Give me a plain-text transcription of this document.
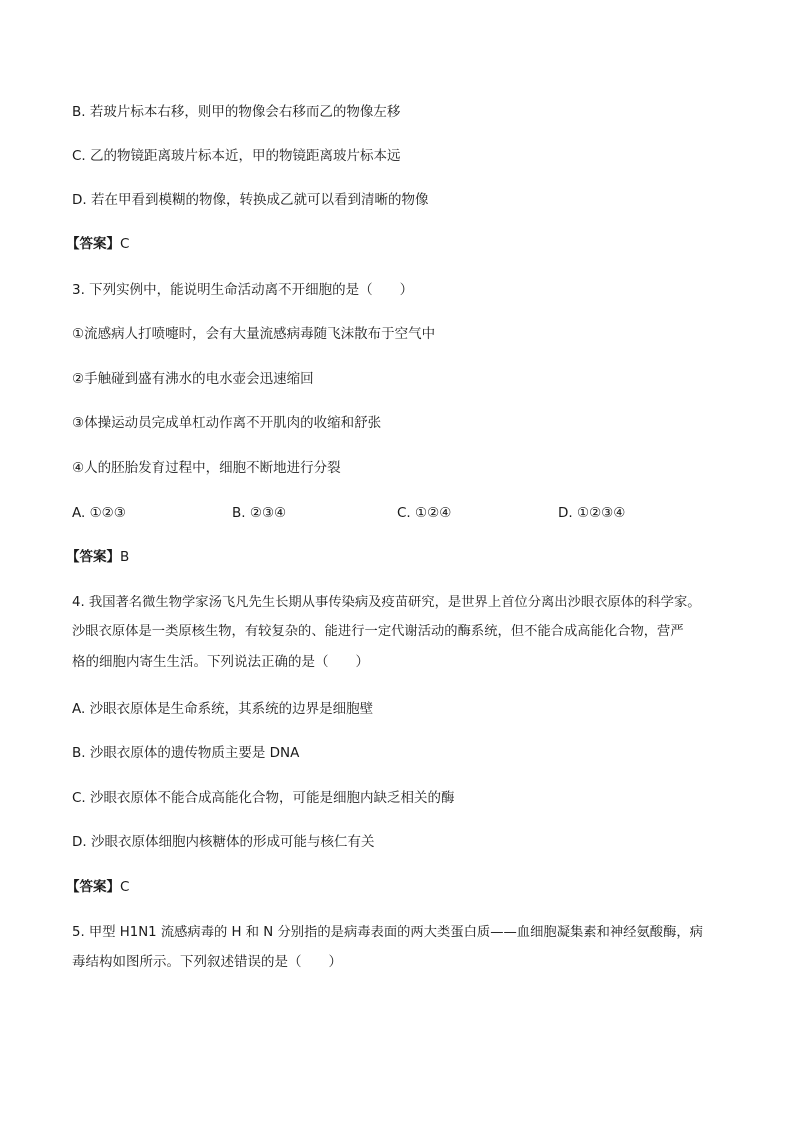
B. 若玻片标本右移，则甲的物像会右移而乙的物像左移
C. 乙的物镜距离玻片标本近，甲的物镜距离玻片标本远
D. 若在甲看到模糊的物像，转换成乙就可以看到清晰的物像
【答案】C
3. 下列实例中，能说明生命活动离不开细胞的是（　　）
①流感病人打喷嚏时，会有大量流感病毒随飞沫散布于空气中
②手触碰到盛有沸水的电水壶会迅速缩回
③体操运动员完成单杠动作离不开肌肉的收缩和舒张
④人的胚胎发育过程中，细胞不断地进行分裂
A. ①②③	B. ②③④	C. ①②④	D. ①②③④
【答案】B
4. 我国著名微生物学家汤飞凡先生长期从事传染病及疫苗研究，是世界上首位分离出沙眼衣原体的科学家。
沙眼衣原体是一类原核生物，有较复杂的、能进行一定代谢活动的酶系统，但不能合成高能化合物，营严
格的细胞内寄生生活。下列说法正确的是（　　）
A. 沙眼衣原体是生命系统，其系统的边界是细胞壁
B. 沙眼衣原体的遗传物质主要是 DNA
C. 沙眼衣原体不能合成高能化合物，可能是细胞内缺乏相关的酶
D. 沙眼衣原体细胞内核糖体的形成可能与核仁有关
【答案】C
5. 甲型 H1N1 流感病毒的 H 和 N 分别指的是病毒表面的两大类蛋白质——血细胞凝集素和神经氨酸酶，病
毒结构如图所示。下列叙述错误的是（　　）
